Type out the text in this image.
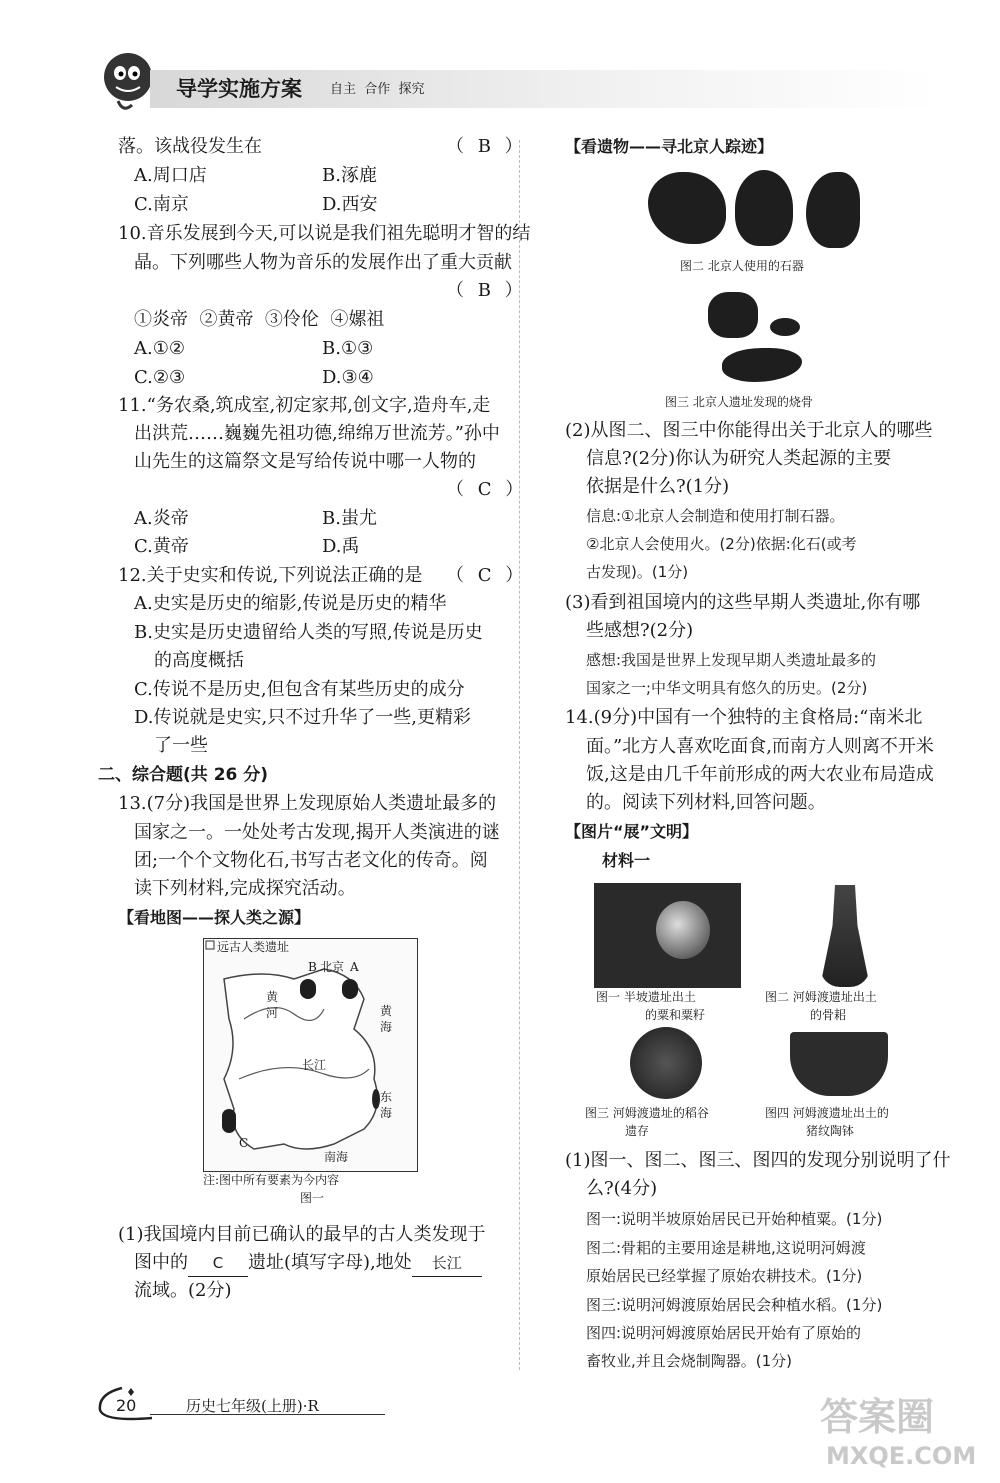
导学实施方案 自主  合作  探究
落。该战役发生在	（ B ）
A.周口店	B.涿鹿
C.南京	D.西安
10.音乐发展到今天,可以说是我们祖先聪明才智的结
晶。下列哪些人物为音乐的发展作出了重大贡献
（ B ）
①炎帝  ②黄帝  ③伶伦  ④嫘祖
A.①②	B.①③
C.②③	D.③④
11.“务农桑,筑成室,初定家邦,创文字,造舟车,走
出洪荒……巍巍先祖功德,绵绵万世流芳。”孙中
山先生的这篇祭文是写给传说中哪一人物的
（ C ）
A.炎帝	B.蚩尤
C.黄帝	D.禹
12.关于史实和传说,下列说法正确的是 （ C ）
A.史实是历史的缩影,传说是历史的精华
B.史实是历史遗留给人类的写照,传说是历史
的高度概括
C.传说不是历史,但包含有某些历史的成分
D.传说就是史实,只不过升华了一些,更精彩
了一些
二、综合题(共 26 分)
13.(7分)我国是世界上发现原始人类遗址最多的
国家之一。一处处考古发现,揭开人类演进的谜
团;一个个文物化石,书写古老文化的传奇。阅
读下列材料,完成探究活动。
【看地图——探人类之源】
远古人类遗址
B 北京 A
C
黄河
长江
黄海
东海
南海
注:图中所有要素为今内容
图一
(1)我国境内目前已确认的最早的古人类发现于
图中的 C 遗址(填写字母),地处 长江
流域。(2分)
【看遗物——寻北京人踪迹】
图二 北京人使用的石器
图三 北京人遗址发现的烧骨
(2)从图二、图三中你能得出关于北京人的哪些
信息?(2分)你认为研究人类起源的主要
依据是什么?(1分)
信息:①北京人会制造和使用打制石器。
②北京人会使用火。(2分)依据:化石(或考
古发现)。(1分)
(3)看到祖国境内的这些早期人类遗址,你有哪
些感想?(2分)
感想:我国是世界上发现早期人类遗址最多的
国家之一;中华文明具有悠久的历史。(2分)
14.(9分)中国有一个独特的主食格局:“南米北
面。”北方人喜欢吃面食,而南方人则离不开米
饭,这是由几千年前形成的两大农业布局造成
的。阅读下列材料,回答问题。
【图片“展”文明】
材料一
图一 半坡遗址出土
的粟和粟籽
图二 河姆渡遗址出土
的骨耜
图三 河姆渡遗址的稻谷
遗存
图四 河姆渡遗址出土的
猪纹陶钵
(1)图一、图二、图三、图四的发现分别说明了什
么?(4分)
图一:说明半坡原始居民已开始种植粟。(1分)
图二:骨耜的主要用途是耕地,这说明河姆渡
原始居民已经掌握了原始农耕技术。(1分)
图三:说明河姆渡原始居民会种植水稻。(1分)
图四:说明河姆渡原始居民开始有了原始的
畜牧业,并且会烧制陶器。(1分)
20	历史七年级(上册)·R	答案圈
MXQE.COM
